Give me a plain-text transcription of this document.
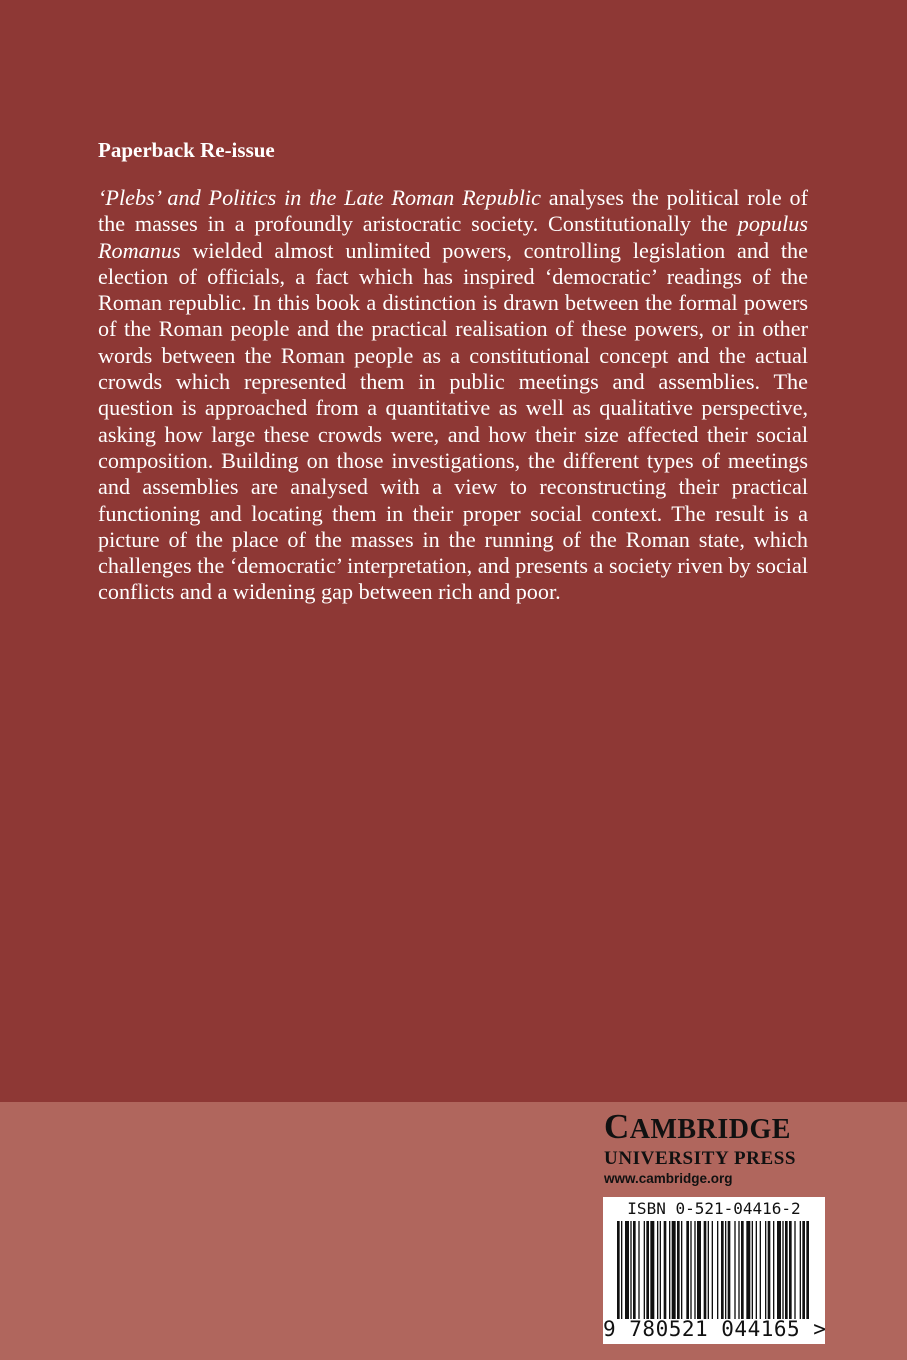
Paperback Re-issue

‘Plebs’ and Politics in the Late Roman Republic analyses the political role of the masses in a profoundly aristocratic society. Constitutionally the populus Romanus wielded almost unlimited powers, controlling legislation and the election of officials, a fact which has inspired ‘democratic’ readings of the Roman republic. In this book a distinction is drawn between the formal powers of the Roman people and the practical realisation of these powers, or in other words between the Roman people as a constitutional concept and the actual crowds which represented them in public meetings and assemblies. The question is approached from a quantitative as well as qualitative perspective, asking how large these crowds were, and how their size affected their social composition. Building on those investigations, the different types of meetings and assemblies are analysed with a view to reconstructing their practical functioning and locating them in their proper social context. The result is a picture of the place of the masses in the running of the Roman state, which challenges the ‘democratic’ interpretation, and presents a society riven by social conflicts and a widening gap between rich and poor.

CAMBRIDGE
UNIVERSITY PRESS
www.cambridge.org
ISBN 0-521-04416-2
9 780521 044165 >
